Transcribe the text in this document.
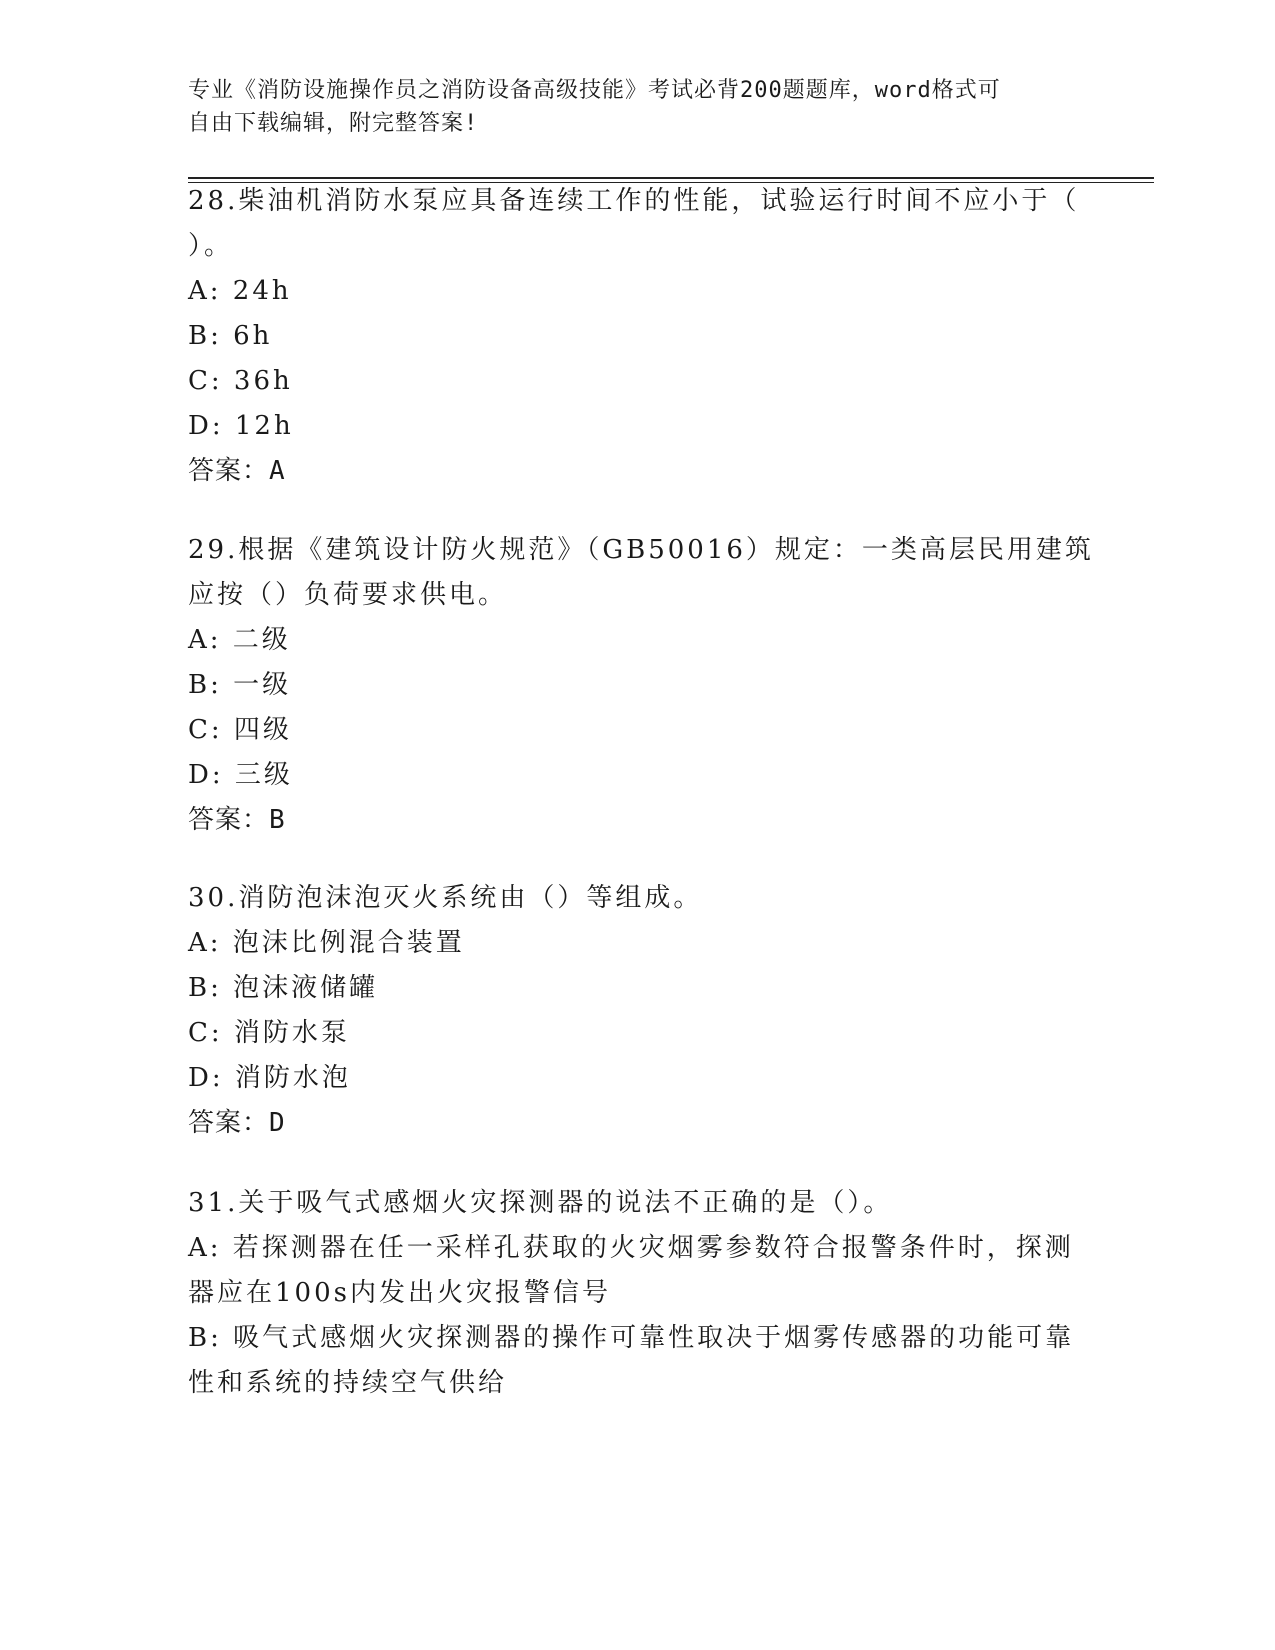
专业《消防设施操作员之消防设备高级技能》考试必背200题题库，word格式可
自由下载编辑，附完整答案!
28.柴油机消防水泵应具备连续工作的性能，试验运行时间不应小于（
）。
A: 24h
B: 6h
C: 36h
D: 12h
答案：A
29.根据《建筑设计防火规范》（GB50016）规定：一类高层民用建筑
应按（）负荷要求供电。
A: 二级
B: 一级
C: 四级
D: 三级
答案：B
30.消防泡沫泡灭火系统由（）等组成。
A: 泡沫比例混合装置
B: 泡沫液储罐
C: 消防水泵
D: 消防水泡
答案：D
31.关于吸气式感烟火灾探测器的说法不正确的是（）。
A: 若探测器在任一采样孔获取的火灾烟雾参数符合报警条件时，探测
器应在100s内发出火灾报警信号
B: 吸气式感烟火灾探测器的操作可靠性取决于烟雾传感器的功能可靠
性和系统的持续空气供给
